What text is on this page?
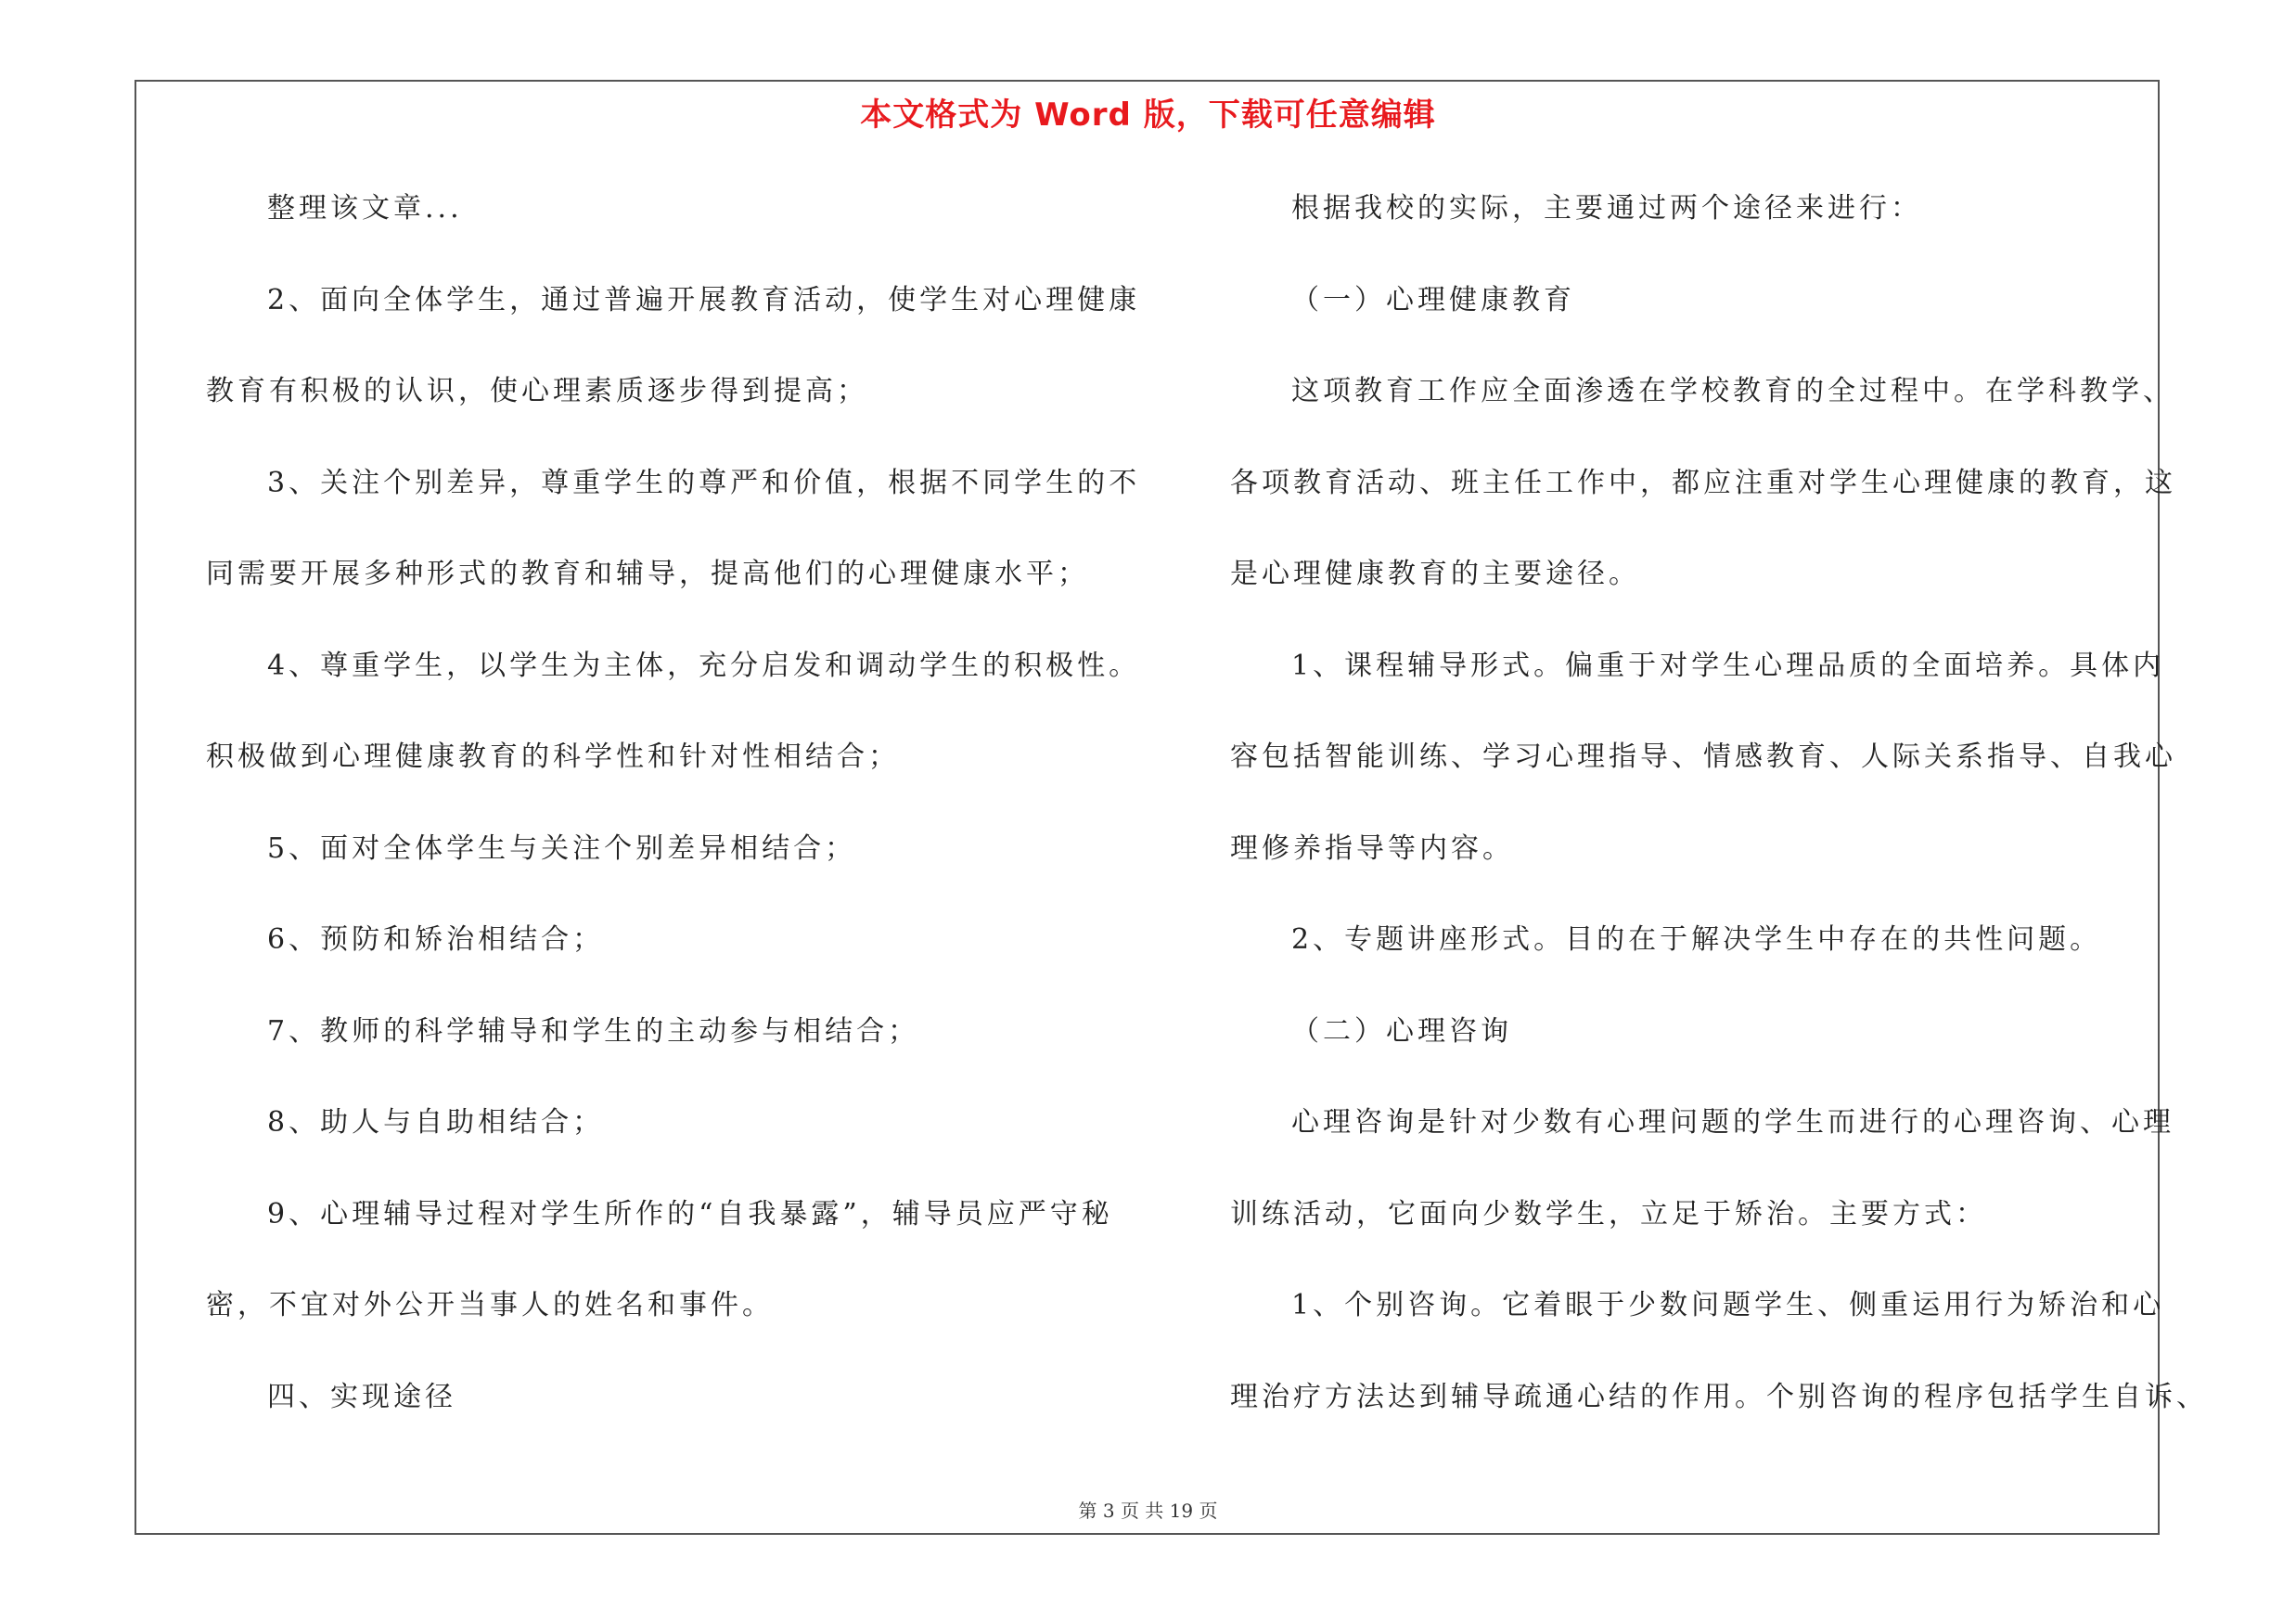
本文格式为 Word 版，下载可任意编辑
整理该文章...
2、面向全体学生，通过普遍开展教育活动，使学生对心理健康
教育有积极的认识，使心理素质逐步得到提高；
3、关注个别差异，尊重学生的尊严和价值，根据不同学生的不
同需要开展多种形式的教育和辅导，提高他们的心理健康水平；
4、尊重学生，以学生为主体，充分启发和调动学生的积极性。
积极做到心理健康教育的科学性和针对性相结合；
5、面对全体学生与关注个别差异相结合；
6、预防和矫治相结合；
7、教师的科学辅导和学生的主动参与相结合；
8、助人与自助相结合；
9、心理辅导过程对学生所作的“自我暴露”，辅导员应严守秘
密，不宜对外公开当事人的姓名和事件。
四、实现途径
根据我校的实际，主要通过两个途径来进行：
（一）心理健康教育
这项教育工作应全面渗透在学校教育的全过程中。在学科教学、
各项教育活动、班主任工作中，都应注重对学生心理健康的教育，这
是心理健康教育的主要途径。
1、课程辅导形式。偏重于对学生心理品质的全面培养。具体内
容包括智能训练、学习心理指导、情感教育、人际关系指导、自我心
理修养指导等内容。
2、专题讲座形式。目的在于解决学生中存在的共性问题。
（二）心理咨询
心理咨询是针对少数有心理问题的学生而进行的心理咨询、心理
训练活动，它面向少数学生，立足于矫治。主要方式：
1、个别咨询。它着眼于少数问题学生、侧重运用行为矫治和心
理治疗方法达到辅导疏通心结的作用。个别咨询的程序包括学生自诉、
第 3 页 共 19 页
